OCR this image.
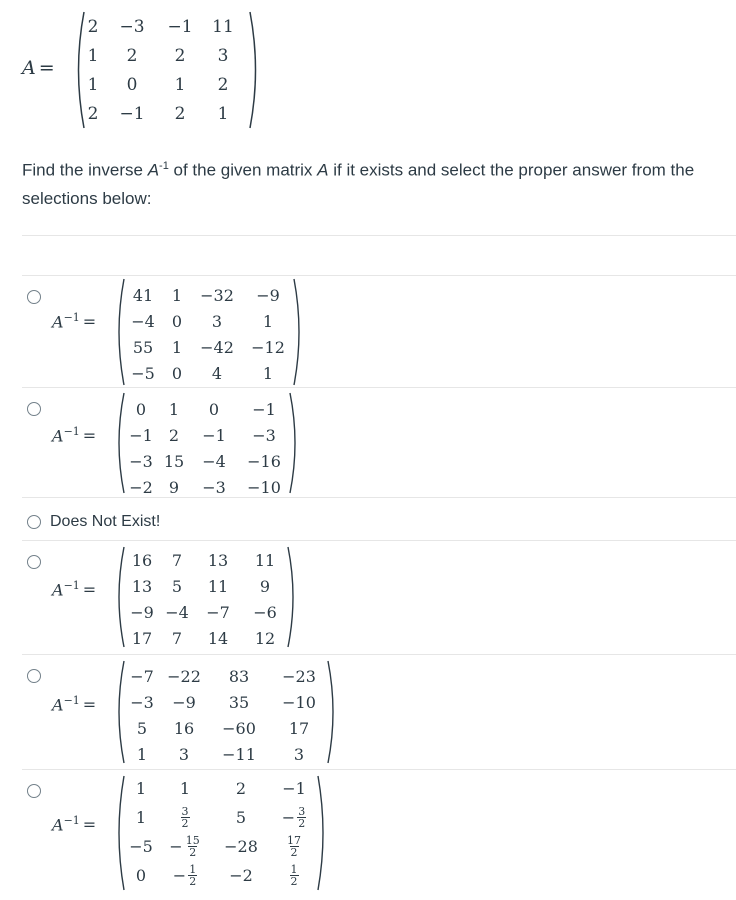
A =
2	−3	−1	11
1	2	2	3
1	0	1	2
2	−1	2	1
Find the inverse $A^{-1}$ of the given matrix A if it exists and select the proper answer from the selections below:
$A^{-1}$ =
41	1	−32	−9
−4	0	3	1
55	1	−42	−12
−5	0	4	1
$A^{-1}$ =
0	1	0	−1
−1	2	−1	−3
−3 15	−4	−16
−2	9	−3	−10
Does Not Exist!
$A^{-1}$ =
16	7	13	11
13	5	11	9
−9 −4	−7	−6
17	7	14	12
$A^{-1}$ =
−7 −22	83	−23
−3	−9	35	−10
5	16	−60	17
1	3	−11	3
$A^{-1}$ =
1	1	2	−1
1	$\frac{3}{2}$	5	− $\frac{3}{2}$
−5	− $\frac{15}{2}$	−28	$\frac{17}{2}$
0	− $\frac{1}{2}$	−2	$\frac{1}{2}$
